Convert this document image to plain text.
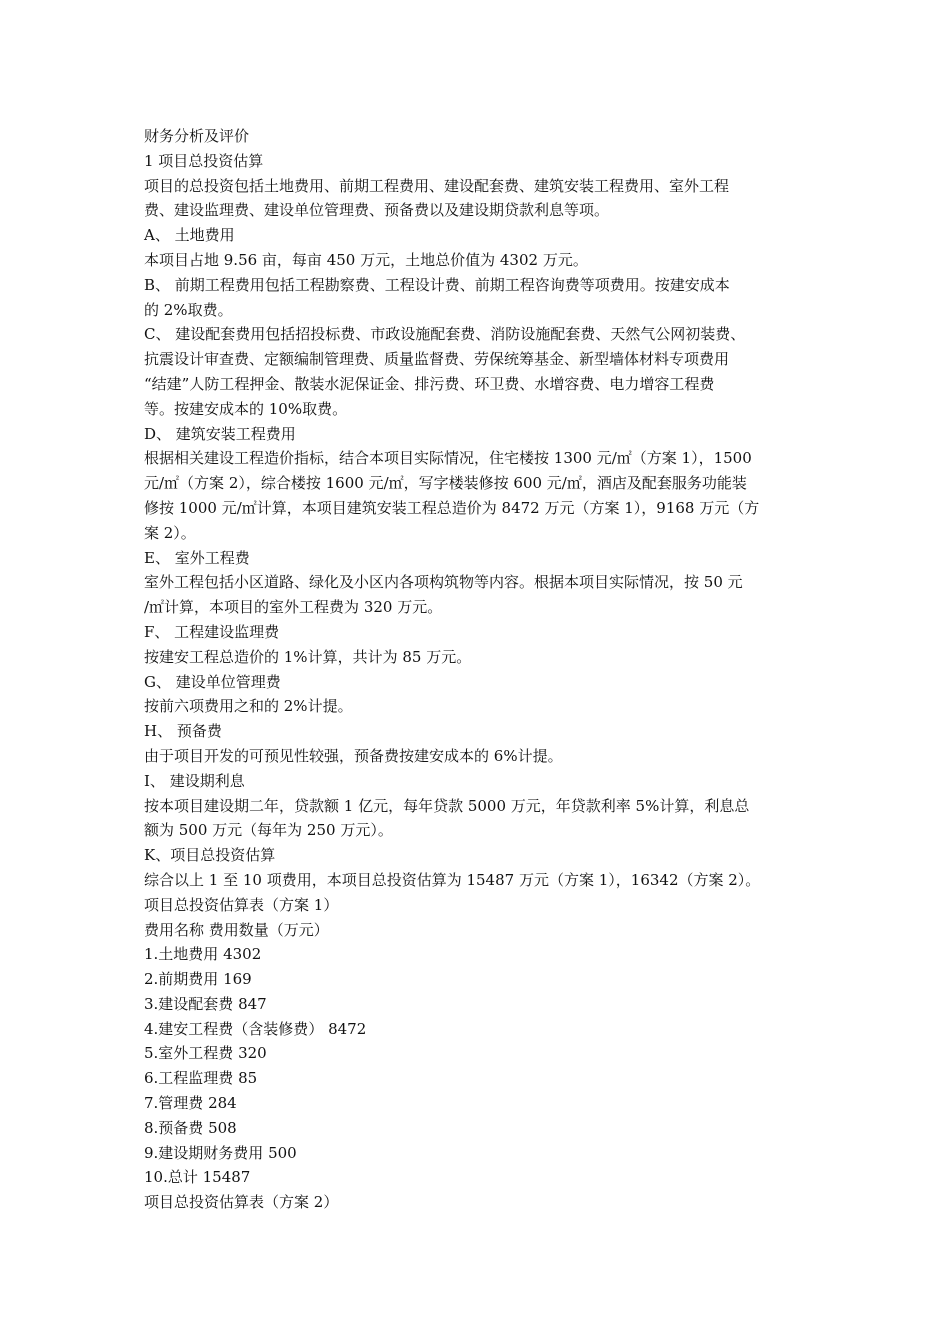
财务分析及评价

1 项目总投资估算

项目的总投资包括土地费用、前期工程费用、建设配套费、建筑安装工程费用、室外工程

费、建设监理费、建设单位管理费、预备费以及建设期贷款利息等项。

A、 土地费用

本项目占地 9.56 亩，每亩 450 万元，土地总价值为 4302 万元。

B、 前期工程费用包括工程勘察费、工程设计费、前期工程咨询费等项费用。按建安成本

的 2%取费。

C、 建设配套费用包括招投标费、市政设施配套费、消防设施配套费、天然气公网初装费、

抗震设计审查费、定额编制管理费、质量监督费、劳保统筹基金、新型墙体材料专项费用

“结建”人防工程押金、散装水泥保证金、排污费、环卫费、水增容费、电力增容工程费

等。按建安成本的 10%取费。

D、 建筑安装工程费用

根据相关建设工程造价指标，结合本项目实际情况，住宅楼按 1300 元/㎡（方案 1），1500

元/㎡（方案 2），综合楼按 1600 元/㎡，写字楼装修按 600 元/㎡，酒店及配套服务功能装

修按 1000 元/㎡计算，本项目建筑安装工程总造价为 8472 万元（方案 1），9168 万元（方

案 2）。

E、 室外工程费

室外工程包括小区道路、绿化及小区内各项构筑物等内容。根据本项目实际情况，按 50 元

/㎡计算，本项目的室外工程费为 320 万元。

F、 工程建设监理费

按建安工程总造价的 1%计算，共计为 85 万元。

G、 建设单位管理费

按前六项费用之和的 2%计提。

H、 预备费

由于项目开发的可预见性较强，预备费按建安成本的 6%计提。

I、 建设期利息

按本项目建设期二年，贷款额 1 亿元，每年贷款 5000 万元，年贷款利率 5%计算，利息总

额为 500 万元（每年为 250 万元）。

K、项目总投资估算

综合以上 1 至 10 项费用，本项目总投资估算为 15487 万元（方案 1），16342（方案 2）。

项目总投资估算表（方案 1）

费用名称 费用数量（万元）

1.土地费用 4302

2.前期费用 169

3.建设配套费 847

4.建安工程费（含装修费） 8472

5.室外工程费 320

6.工程监理费 85

7.管理费 284

8.预备费 508

9.建设期财务费用 500

10.总计 15487

项目总投资估算表（方案 2）
